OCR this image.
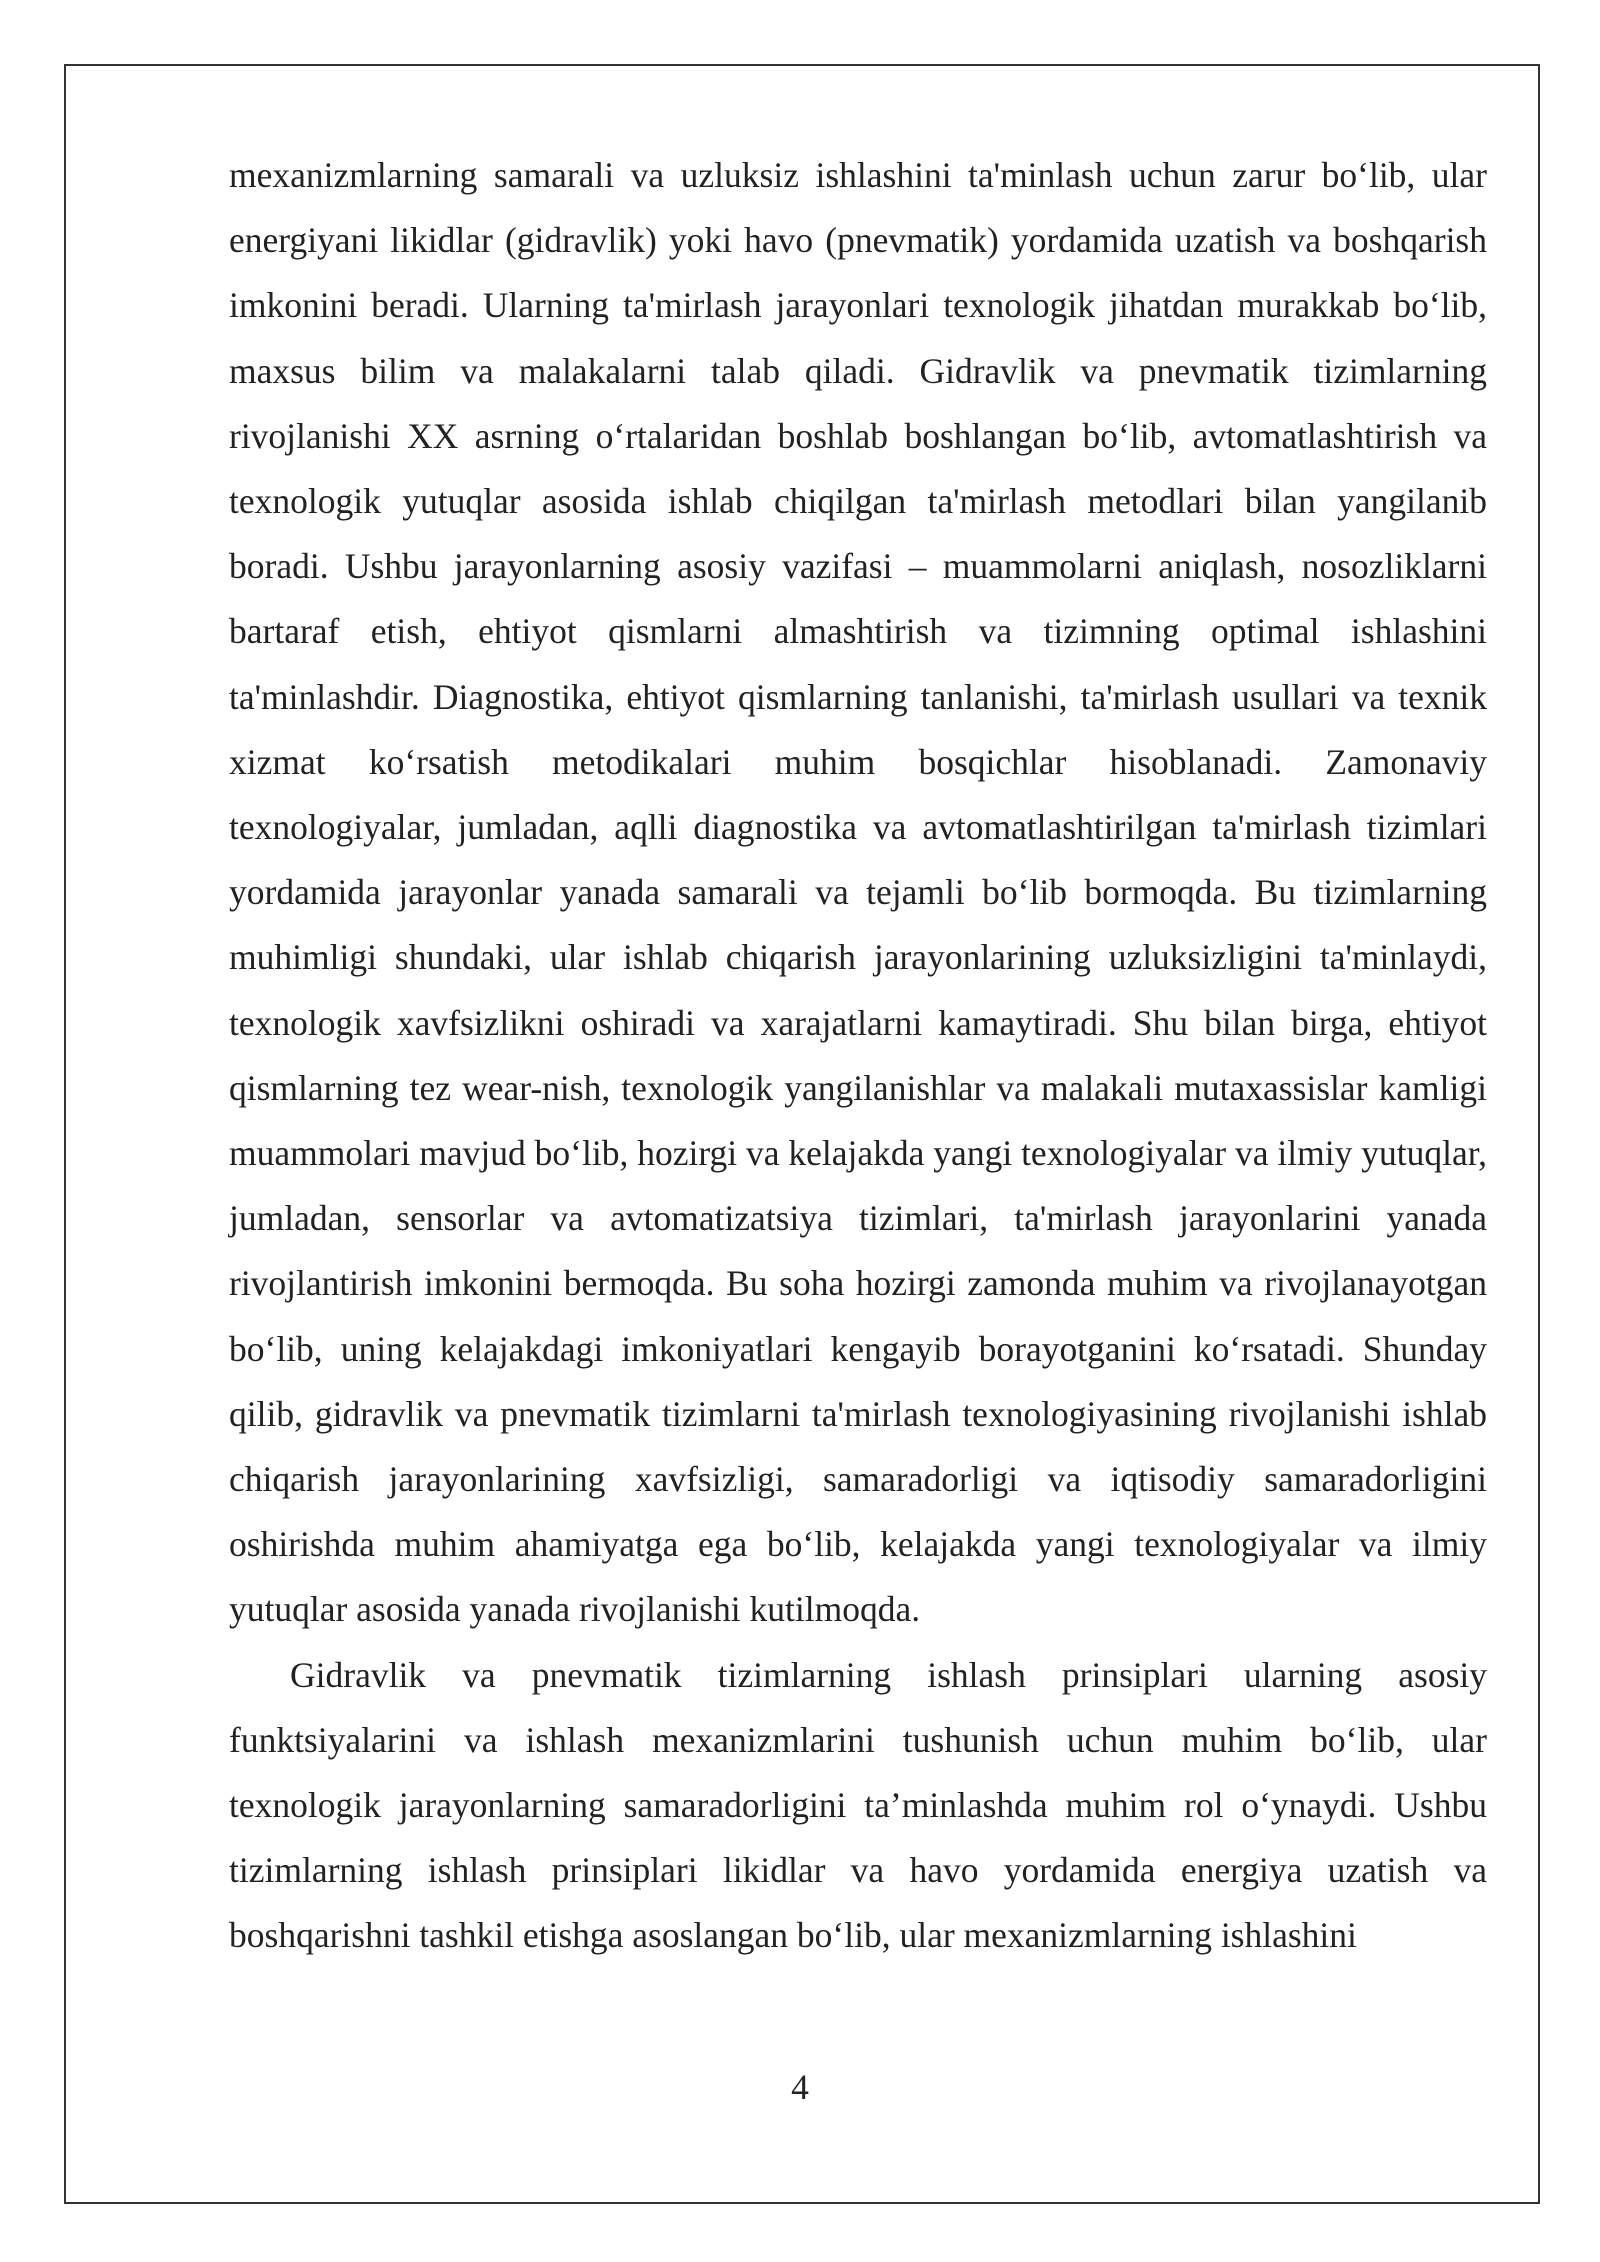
mexanizmlarning samarali va uzluksiz ishlashini ta'minlash uchun zarur bo‘lib, ular energiyani likidlar (gidravlik) yoki havo (pnevmatik) yordamida uzatish va boshqarish imkonini beradi. Ularning ta'mirlash jarayonlari texnologik jihatdan murakkab bo‘lib, maxsus bilim va malakalarni talab qiladi. Gidravlik va pnevmatik tizimlarning rivojlanishi XX asrning o‘rtalaridan boshlab boshlangan bo‘lib, avtomatlashtirish va texnologik yutuqlar asosida ishlab chiqilgan ta'mirlash metodlari bilan yangilanib boradi. Ushbu jarayonlarning asosiy vazifasi – muammolarni aniqlash, nosozliklarni bartaraf etish, ehtiyot qismlarni almashtirish va tizimning optimal ishlashini ta'minlashdir. Diagnostika, ehtiyot qismlarning tanlanishi, ta'mirlash usullari va texnik xizmat ko‘rsatish metodikalari muhim bosqichlar hisoblanadi. Zamonaviy texnologiyalar, jumladan, aqlli diagnostika va avtomatlashtirilgan ta'mirlash tizimlari yordamida jarayonlar yanada samarali va tejamli bo‘lib bormoqda. Bu tizimlarning muhimligi shundaki, ular ishlab chiqarish jarayonlarining uzluksizligini ta'minlaydi, texnologik xavfsizlikni oshiradi va xarajatlarni kamaytiradi. Shu bilan birga, ehtiyot qismlarning tez wear-nish, texnologik yangilanishlar va malakali mutaxassislar kamligi muammolari mavjud bo‘lib, hozirgi va kelajakda yangi texnologiyalar va ilmiy yutuqlar, jumladan, sensorlar va avtomatizatsiya tizimlari, ta'mirlash jarayonlarini yanada rivojlantirish imkonini bermoqda. Bu soha hozirgi zamonda muhim va rivojlanayotgan bo‘lib, uning kelajakdagi imkoniyatlari kengayib borayotganini ko‘rsatadi. Shunday qilib, gidravlik va pnevmatik tizimlarni ta'mirlash texnologiyasining rivojlanishi ishlab chiqarish jarayonlarining xavfsizligi, samaradorligi va iqtisodiy samaradorligini oshirishda muhim ahamiyatga ega bo‘lib, kelajakda yangi texnologiyalar va ilmiy yutuqlar asosida yanada rivojlanishi kutilmoqda.

Gidravlik va pnevmatik tizimlarning ishlash prinsiplari ularning asosiy funktsiyalarini va ishlash mexanizmlarini tushunish uchun muhim bo‘lib, ular texnologik jarayonlarning samaradorligini ta’minlashda muhim rol o‘ynaydi. Ushbu tizimlarning ishlash prinsiplari likidlar va havo yordamida energiya uzatish va boshqarishni tashkil etishga asoslangan bo‘lib, ular mexanizmlarning ishlashini

4
